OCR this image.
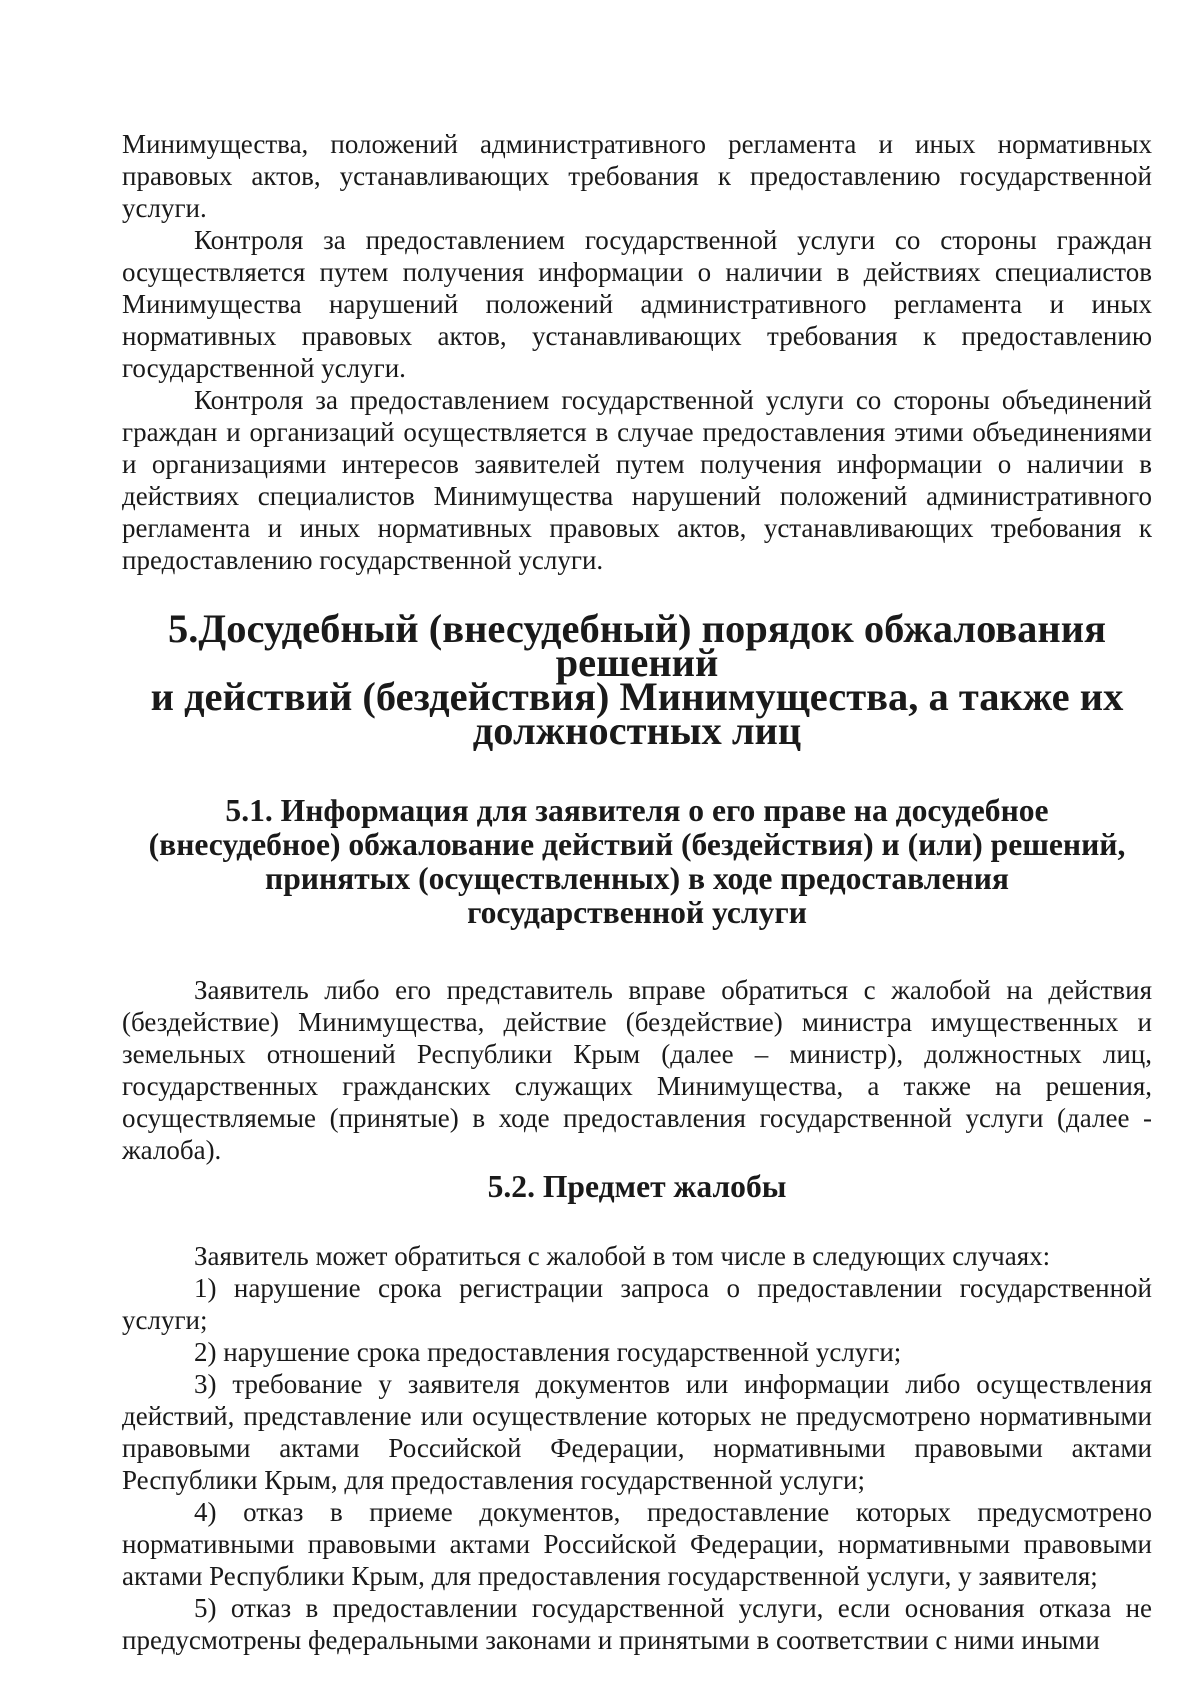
Минимущества, положений административного регламента и иных нормативных правовых актов, устанавливающих требования к предоставлению государственной услуги.

Контроля за предоставлением государственной услуги со стороны граждан осуществляется путем получения информации о наличии в действиях специалистов Минимущества нарушений положений административного регламента и иных нормативных правовых актов, устанавливающих требования к предоставлению государственной услуги.

Контроля за предоставлением государственной услуги со стороны объединений граждан и организаций осуществляется в случае предоставления этими объединениями и организациями интересов заявителей путем получения информации о наличии в действиях специалистов Минимущества нарушений положений административного регламента и иных нормативных правовых актов, устанавливающих требования к предоставлению государственной услуги.

5.Досудебный (внесудебный) порядок обжалования решений
и действий (бездействия) Минимущества, а также их
должностных лиц
5.1. Информация для заявителя о его праве на досудебное
(внесудебное) обжалование действий (бездействия) и (или) решений,
принятых (осуществленных) в ходе предоставления
государственной услуги

Заявитель либо его представитель вправе обратиться с жалобой на действия (бездействие) Минимущества, действие (бездействие) министра имущественных и земельных отношений Республики Крым (далее – министр), должностных лиц, государственных гражданских служащих Минимущества, а также на решения, осуществляемые (принятые) в ходе предоставления государственной услуги (далее - жалоба).

5.2. Предмет жалобы

Заявитель может обратиться с жалобой в том числе в следующих случаях:

1) нарушение срока регистрации запроса о предоставлении государственной услуги;

2) нарушение срока предоставления государственной услуги;

3) требование у заявителя документов или информации либо осуществления действий, представление или осуществление которых не предусмотрено нормативными правовыми актами Российской Федерации, нормативными правовыми актами Республики Крым, для предоставления государственной услуги;

4) отказ в приеме документов, предоставление которых предусмотрено нормативными правовыми актами Российской Федерации, нормативными правовыми актами Республики Крым, для предоставления государственной услуги, у заявителя;

5) отказ в предоставлении государственной услуги, если основания отказа не предусмотрены федеральными законами и принятыми в соответствии с ними иными
